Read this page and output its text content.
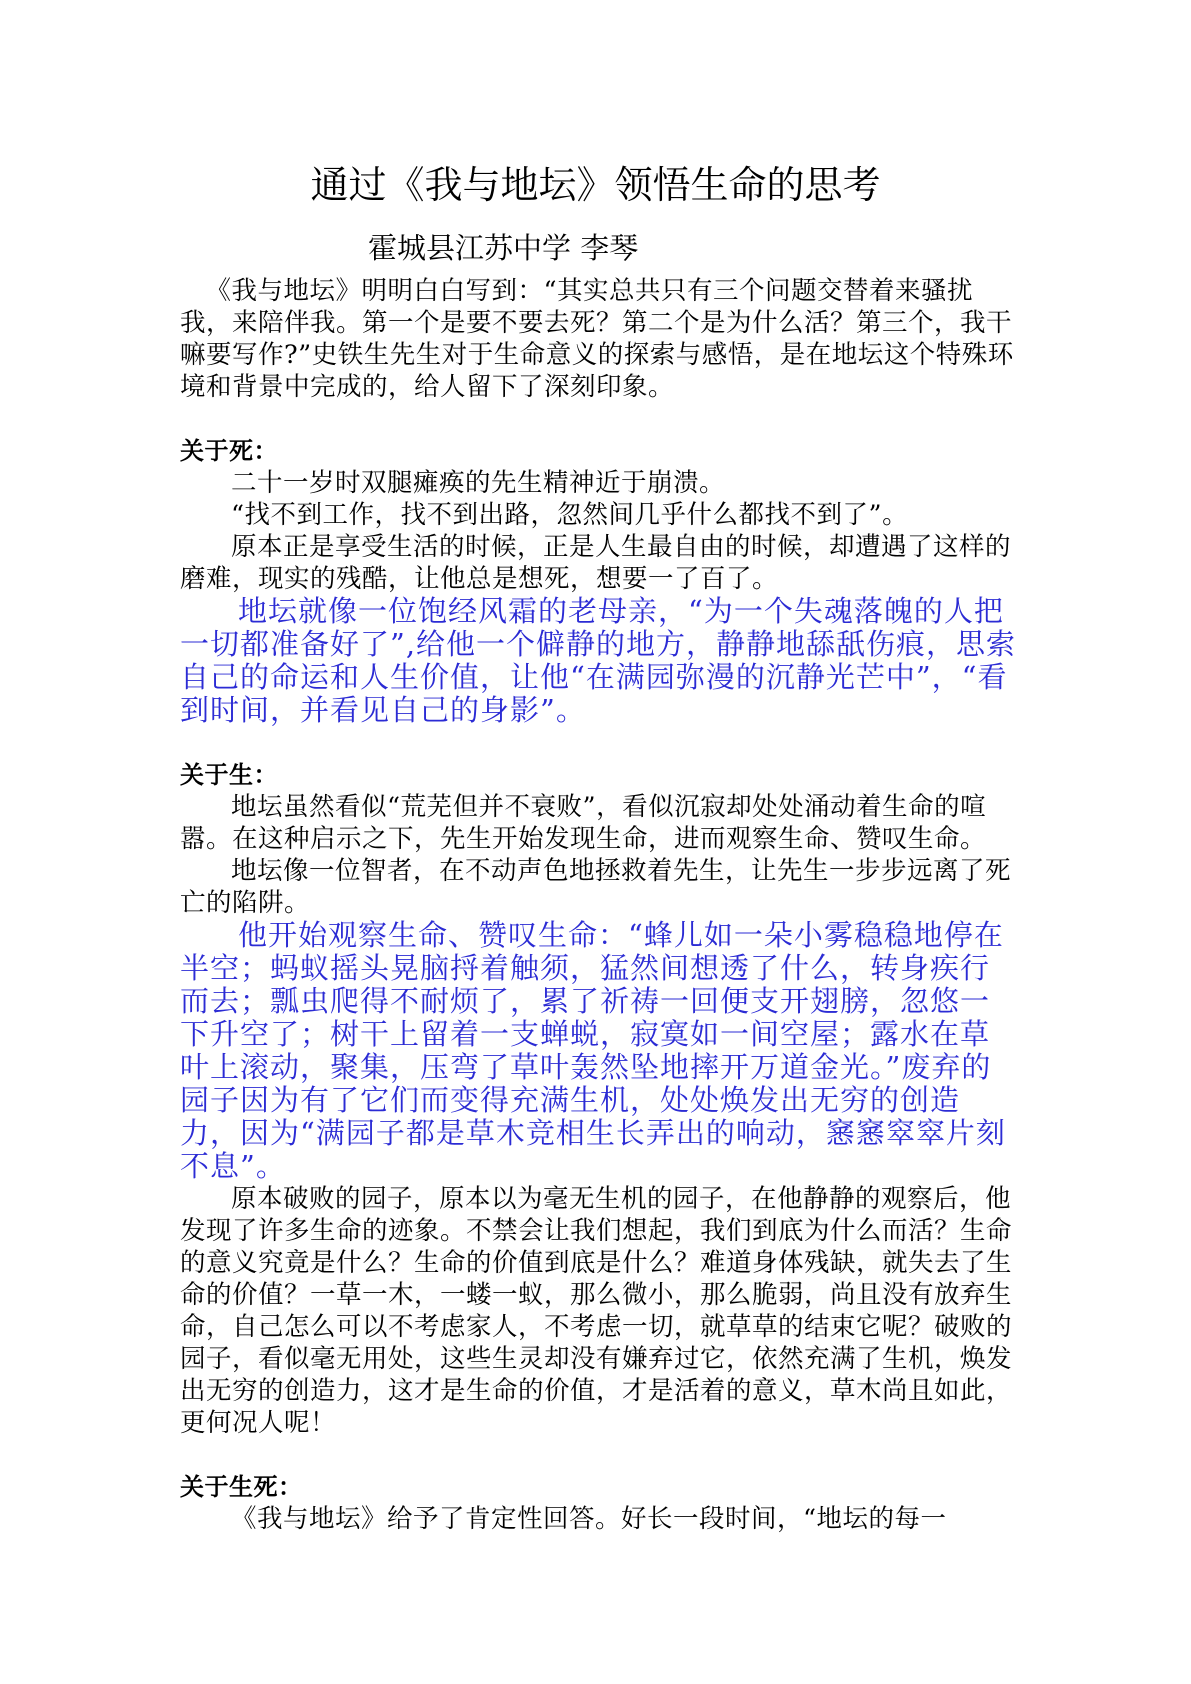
通过《我与地坛》领悟生命的思考
霍城县江苏中学 李琴

《我与地坛》明明白白写到：“其实总共只有三个问题交替着来骚扰我，来陪伴我。第一个是要不要去死？第二个是为什么活？第三个，我干嘛要写作?”史铁生先生对于生命意义的探索与感悟，是在地坛这个特殊环境和背景中完成的，给人留下了深刻印象。

关于死：

二十一岁时双腿瘫痪的先生精神近于崩溃。

“找不到工作，找不到出路，忽然间几乎什么都找不到了”。

原本正是享受生活的时候，正是人生最自由的时候，却遭遇了这样的磨难，现实的残酷，让他总是想死，想要一了百了。

地坛就像一位饱经风霜的老母亲，“为一个失魂落魄的人把一切都准备好了”,给他一个僻静的地方，静静地舔舐伤痕，思索自己的命运和人生价值，让他“在满园弥漫的沉静光芒中”，“看到时间，并看见自己的身影”。

关于生：

地坛虽然看似“荒芜但并不衰败”，看似沉寂却处处涌动着生命的喧嚣。在这种启示之下，先生开始发现生命，进而观察生命、赞叹生命。

地坛像一位智者，在不动声色地拯救着先生，让先生一步步远离了死亡的陷阱。

他开始观察生命、赞叹生命：“蜂儿如一朵小雾稳稳地停在半空；蚂蚁摇头晃脑捋着触须，猛然间想透了什么，转身疾行而去；瓢虫爬得不耐烦了，累了祈祷一回便支开翅膀，忽悠一下升空了；树干上留着一支蝉蜕，寂寞如一间空屋；露水在草叶上滚动，聚集，压弯了草叶轰然坠地摔开万道金光。”废弃的园子因为有了它们而变得充满生机，处处焕发出无穷的创造力，因为“满园子都是草木竞相生长弄出的响动，窸窸窣窣片刻不息”。

原本破败的园子，原本以为毫无生机的园子，在他静静的观察后，他发现了许多生命的迹象。不禁会让我们想起，我们到底为什么而活？生命的意义究竟是什么？生命的价值到底是什么？难道身体残缺，就失去了生命的价值？一草一木，一蝼一蚁，那么微小，那么脆弱，尚且没有放弃生命，自己怎么可以不考虑家人，不考虑一切，就草草的结束它呢？破败的园子，看似毫无用处，这些生灵却没有嫌弃过它，依然充满了生机，焕发出无穷的创造力，这才是生命的价值，才是活着的意义，草木尚且如此，更何况人呢！

关于生死：

《我与地坛》给予了肯定性回答。好长一段时间，“地坛的每一
